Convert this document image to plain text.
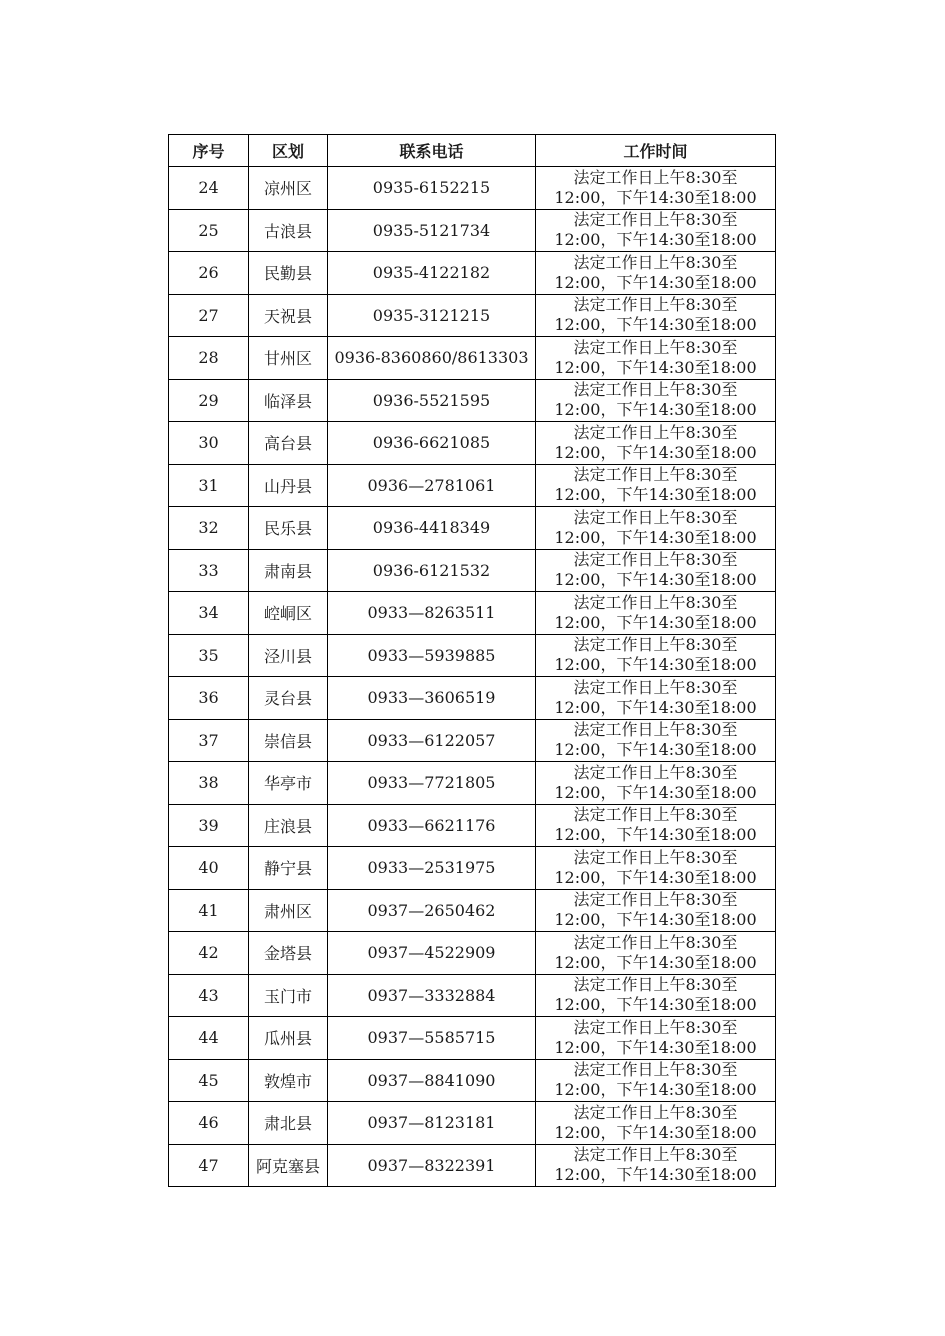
序号	区划	联系电话	工作时间
24	凉州区	0935-6152215	法定工作日上午8:30至
12:00，下午14:30至18:00

25	古浪县	0935-5121734	法定工作日上午8:30至
12:00，下午14:30至18:00

26	民勤县	0935-4122182	法定工作日上午8:30至
12:00，下午14:30至18:00

27	天祝县	0935-3121215	法定工作日上午8:30至
12:00，下午14:30至18:00

28	甘州区	0936-8360860/8613303	法定工作日上午8:30至
12:00，下午14:30至18:00

29	临泽县	0936-5521595	法定工作日上午8:30至
12:00，下午14:30至18:00

30	高台县	0936-6621085	法定工作日上午8:30至
12:00，下午14:30至18:00

31	山丹县	0936—2781061	法定工作日上午8:30至
12:00，下午14:30至18:00

32	民乐县	0936-4418349	法定工作日上午8:30至
12:00，下午14:30至18:00

33	肃南县	0936-6121532	法定工作日上午8:30至
12:00，下午14:30至18:00

34	崆峒区	0933—8263511	法定工作日上午8:30至
12:00，下午14:30至18:00

35	泾川县	0933—5939885	法定工作日上午8:30至
12:00，下午14:30至18:00

36	灵台县	0933—3606519	法定工作日上午8:30至
12:00，下午14:30至18:00

37	崇信县	0933—6122057	法定工作日上午8:30至
12:00，下午14:30至18:00

38	华亭市	0933—7721805	法定工作日上午8:30至
12:00，下午14:30至18:00

39	庄浪县	0933—6621176	法定工作日上午8:30至
12:00，下午14:30至18:00

40	静宁县	0933—2531975	法定工作日上午8:30至
12:00，下午14:30至18:00

41	肃州区	0937—2650462	法定工作日上午8:30至
12:00，下午14:30至18:00

42	金塔县	0937—4522909	法定工作日上午8:30至
12:00，下午14:30至18:00

43	玉门市	0937—3332884	法定工作日上午8:30至
12:00，下午14:30至18:00

44	瓜州县	0937—5585715	法定工作日上午8:30至
12:00，下午14:30至18:00

45	敦煌市	0937—8841090	法定工作日上午8:30至
12:00，下午14:30至18:00

46	肃北县	0937—8123181	法定工作日上午8:30至
12:00，下午14:30至18:00

47	阿克塞县	0937—8322391	法定工作日上午8:30至
12:00，下午14:30至18:00
